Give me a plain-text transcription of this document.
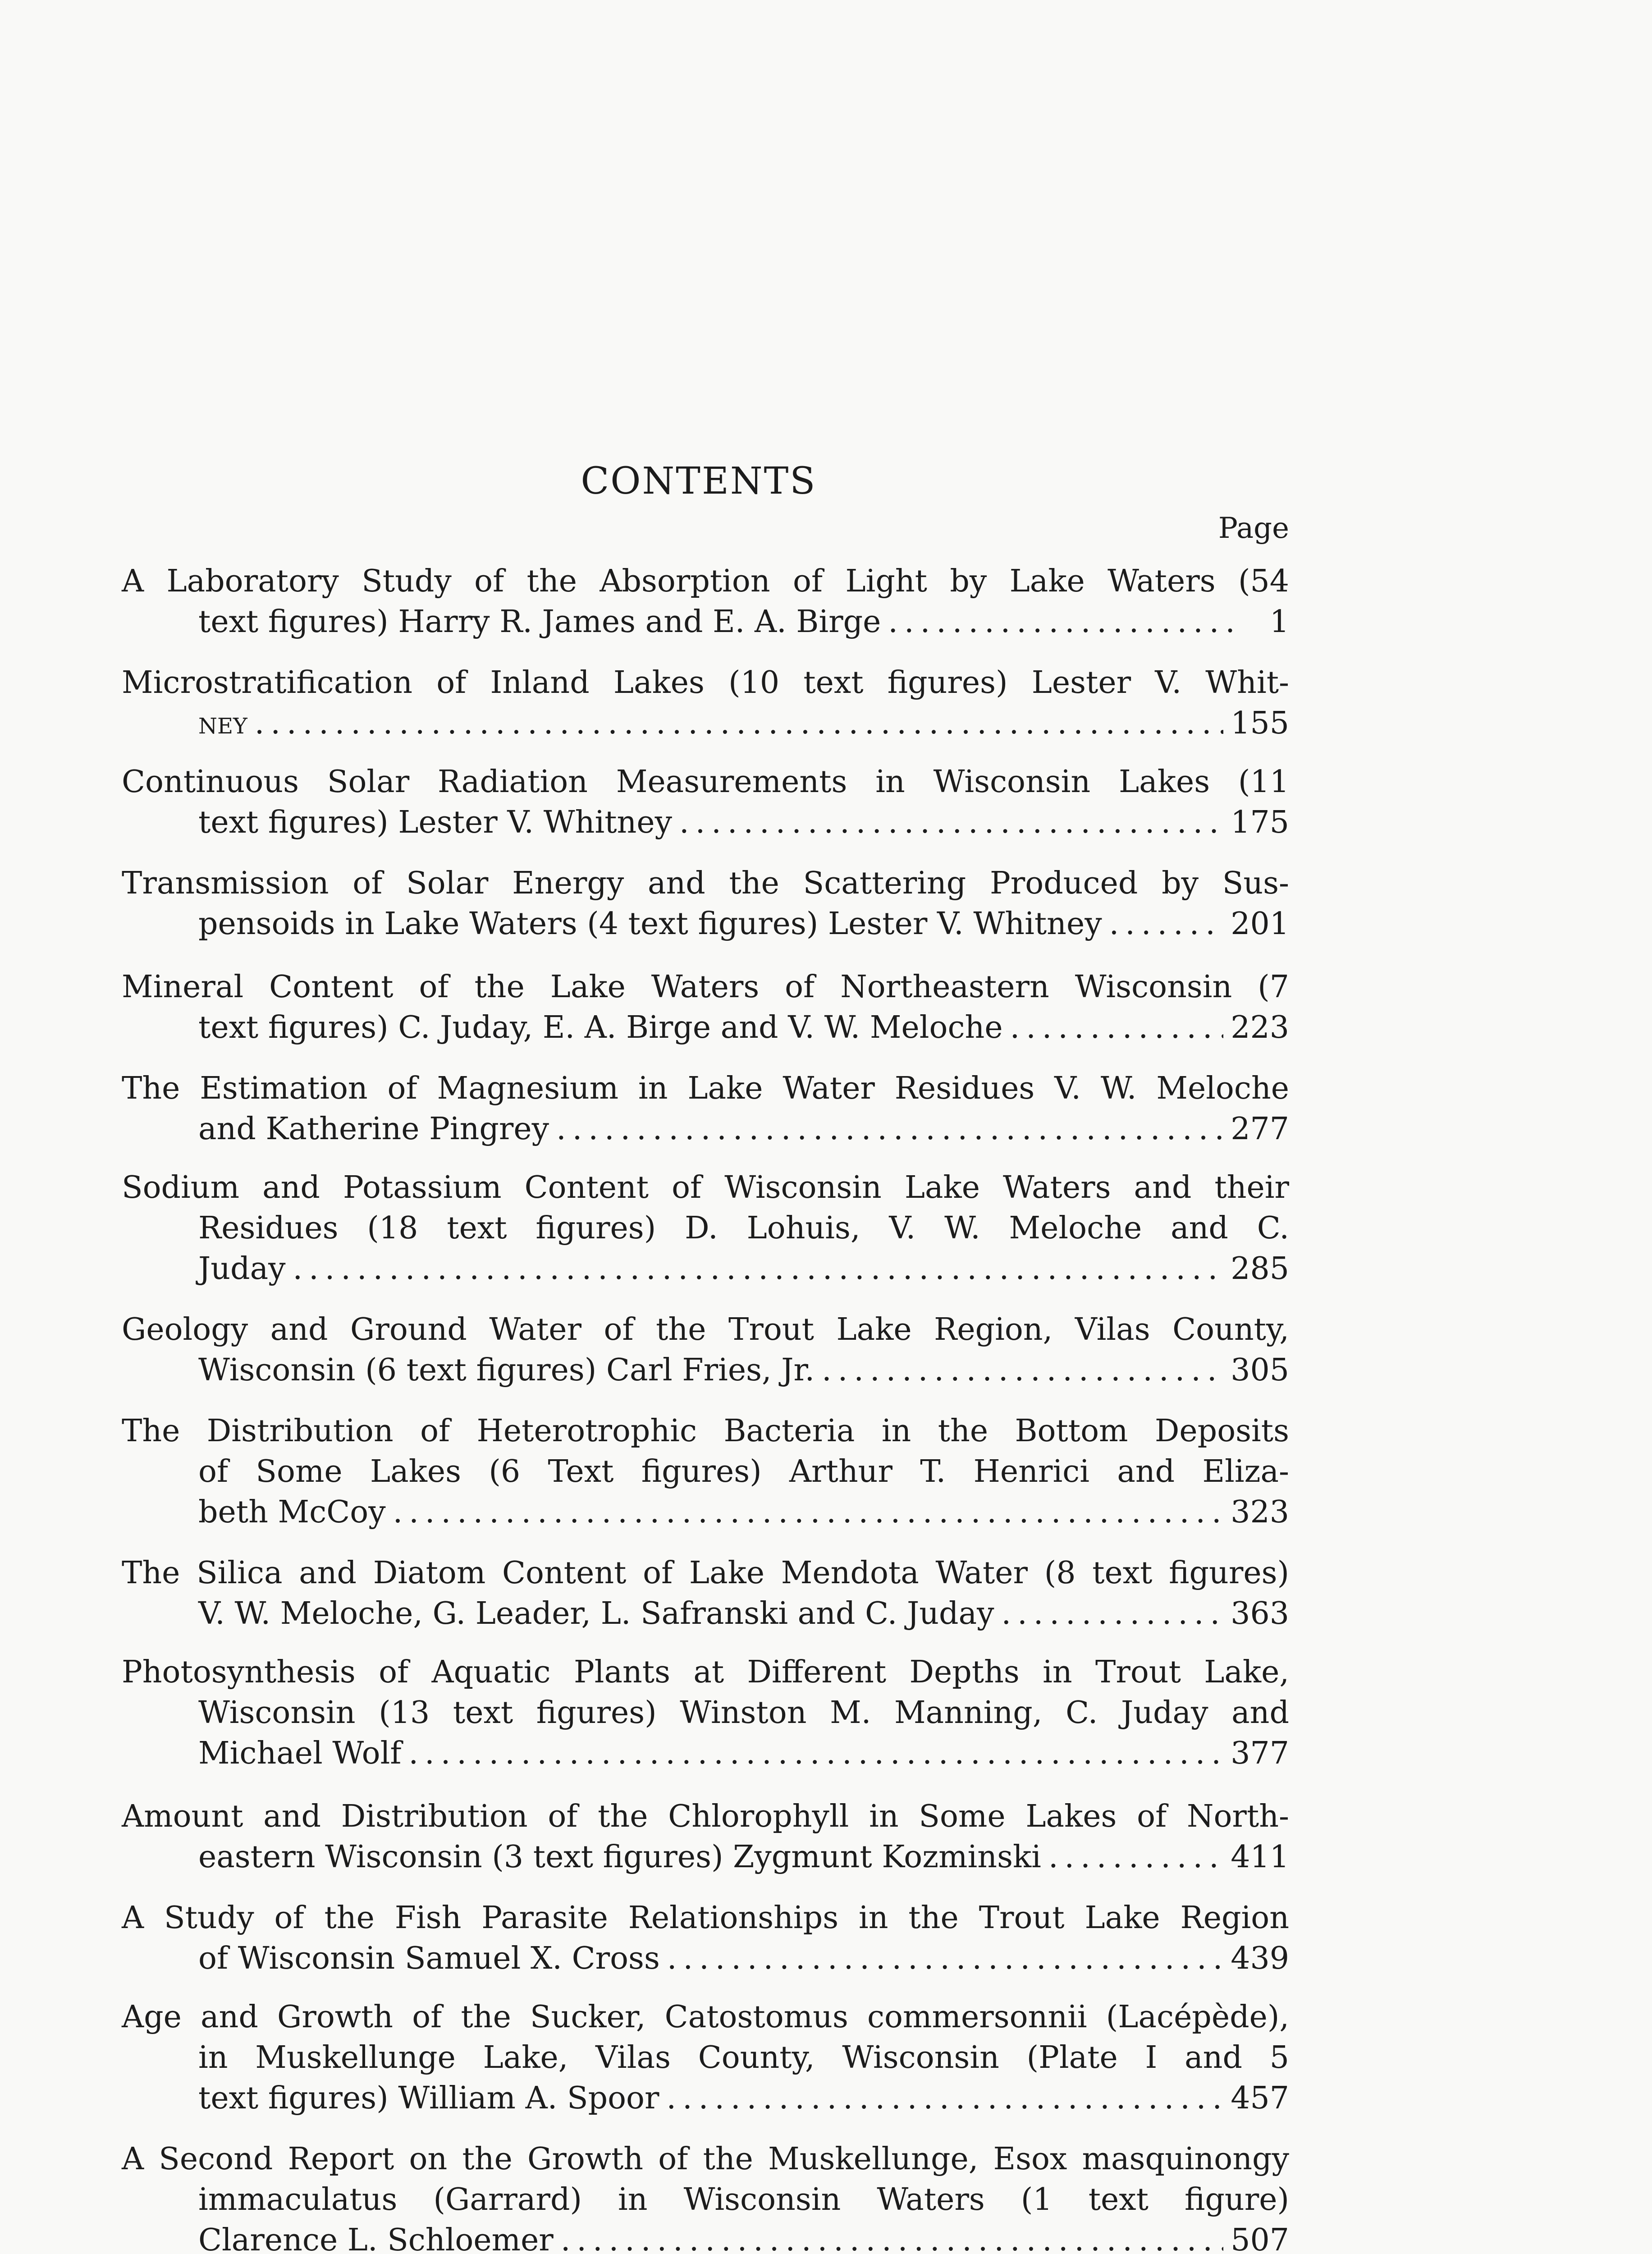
CONTENTS
Page
A Laboratory Study of the Absorption of Light by Lake Waters (54
text figures) Harry R. James and E. A. Birge .....	1
Microstratification of Inland Lakes (10 text figures) Lester V. Whit-
ney .....	155
Continuous Solar Radiation Measurements in Wisconsin Lakes (11
text figures) Lester V. Whitney .....	175
Transmission of Solar Energy and the Scattering Produced by Sus-
pensoids in Lake Waters (4 text figures) Lester V. Whitney .....	201
Mineral Content of the Lake Waters of Northeastern Wisconsin (7
text figures) C. Juday, E. A. Birge and V. W. Meloche .....	223
The Estimation of Magnesium in Lake Water Residues V. W. Meloche
and Katherine Pingrey .....	277
Sodium and Potassium Content of Wisconsin Lake Waters and their
Residues (18 text figures) D. Lohuis, V. W. Meloche and C.
Juday .....	285
Geology and Ground Water of the Trout Lake Region, Vilas County,
Wisconsin (6 text figures) Carl Fries, Jr. .....	305
The Distribution of Heterotrophic Bacteria in the Bottom Deposits
of Some Lakes (6 Text figures) Arthur T. Henrici and Eliza-
beth McCoy .....	323
The Silica and Diatom Content of Lake Mendota Water (8 text figures)
V. W. Meloche, G. Leader, L. Safranski and C. Juday .....	363
Photosynthesis of Aquatic Plants at Different Depths in Trout Lake,
Wisconsin (13 text figures) Winston M. Manning, C. Juday and
Michael Wolf .....	377
Amount and Distribution of the Chlorophyll in Some Lakes of North-
eastern Wisconsin (3 text figures) Zygmunt Kozminski .....	411
A Study of the Fish Parasite Relationships in the Trout Lake Region
of Wisconsin Samuel X. Cross .....	439
Age and Growth of the Sucker, Catostomus commersonnii (Lacépède),
in Muskellunge Lake, Vilas County, Wisconsin (Plate I and 5
text figures) William A. Spoor .....	457
A Second Report on the Growth of the Muskellunge, Esox masquinongy
immaculatus (Garrard) in Wisconsin Waters (1 text figure)
Clarence L. Schloemer .....	507
